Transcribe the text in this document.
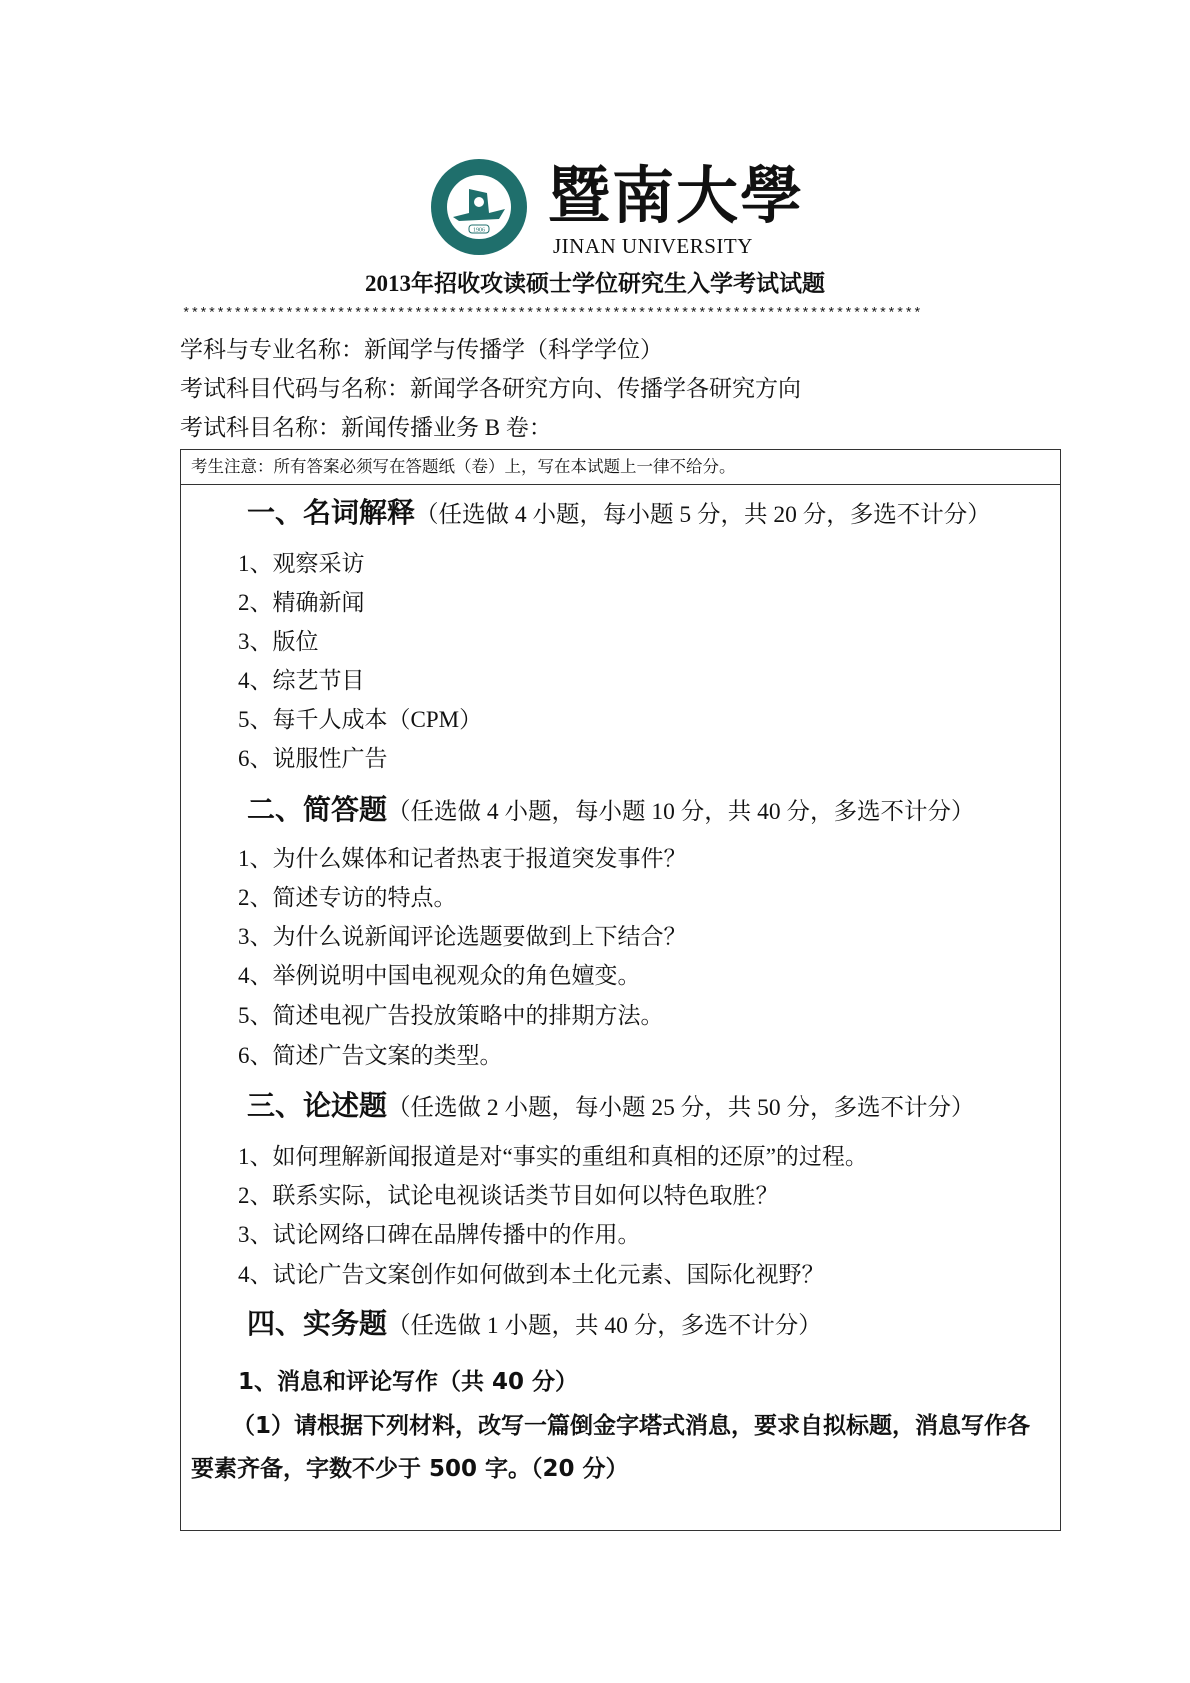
1906 暨南大學
JINAN UNIVERSITY
2013年招收攻读硕士学位研究生入学考试试题
**************************************************************************************
学科与专业名称：新闻学与传播学（科学学位）
考试科目代码与名称：新闻学各研究方向、传播学各研究方向
考试科目名称：新闻传播业务 B 卷：
考生注意：所有答案必须写在答题纸（卷）上，写在本试题上一律不给分。
一、名词解释（任选做 4 小题，每小题 5 分，共 20 分，多选不计分）
1、观察采访
2、精确新闻
3、版位
4、综艺节目
5、每千人成本（CPM）
6、说服性广告
二、简答题（任选做 4 小题，每小题 10 分，共 40 分，多选不计分）
1、为什么媒体和记者热衷于报道突发事件？
2、简述专访的特点。
3、为什么说新闻评论选题要做到上下结合？
4、举例说明中国电视观众的角色嬗变。
5、简述电视广告投放策略中的排期方法。
6、简述广告文案的类型。
三、论述题（任选做 2 小题，每小题 25 分，共 50 分，多选不计分）
1、如何理解新闻报道是对“事实的重组和真相的还原”的过程。
2、联系实际，试论电视谈话类节目如何以特色取胜？
3、试论网络口碑在品牌传播中的作用。
4、试论广告文案创作如何做到本土化元素、国际化视野？
四、实务题（任选做 1 小题，共 40 分，多选不计分）
1、消息和评论写作（共 40 分）
（1）请根据下列材料，改写一篇倒金字塔式消息，要求自拟标题，消息写作各
要素齐备，字数不少于 500 字。（20 分）
